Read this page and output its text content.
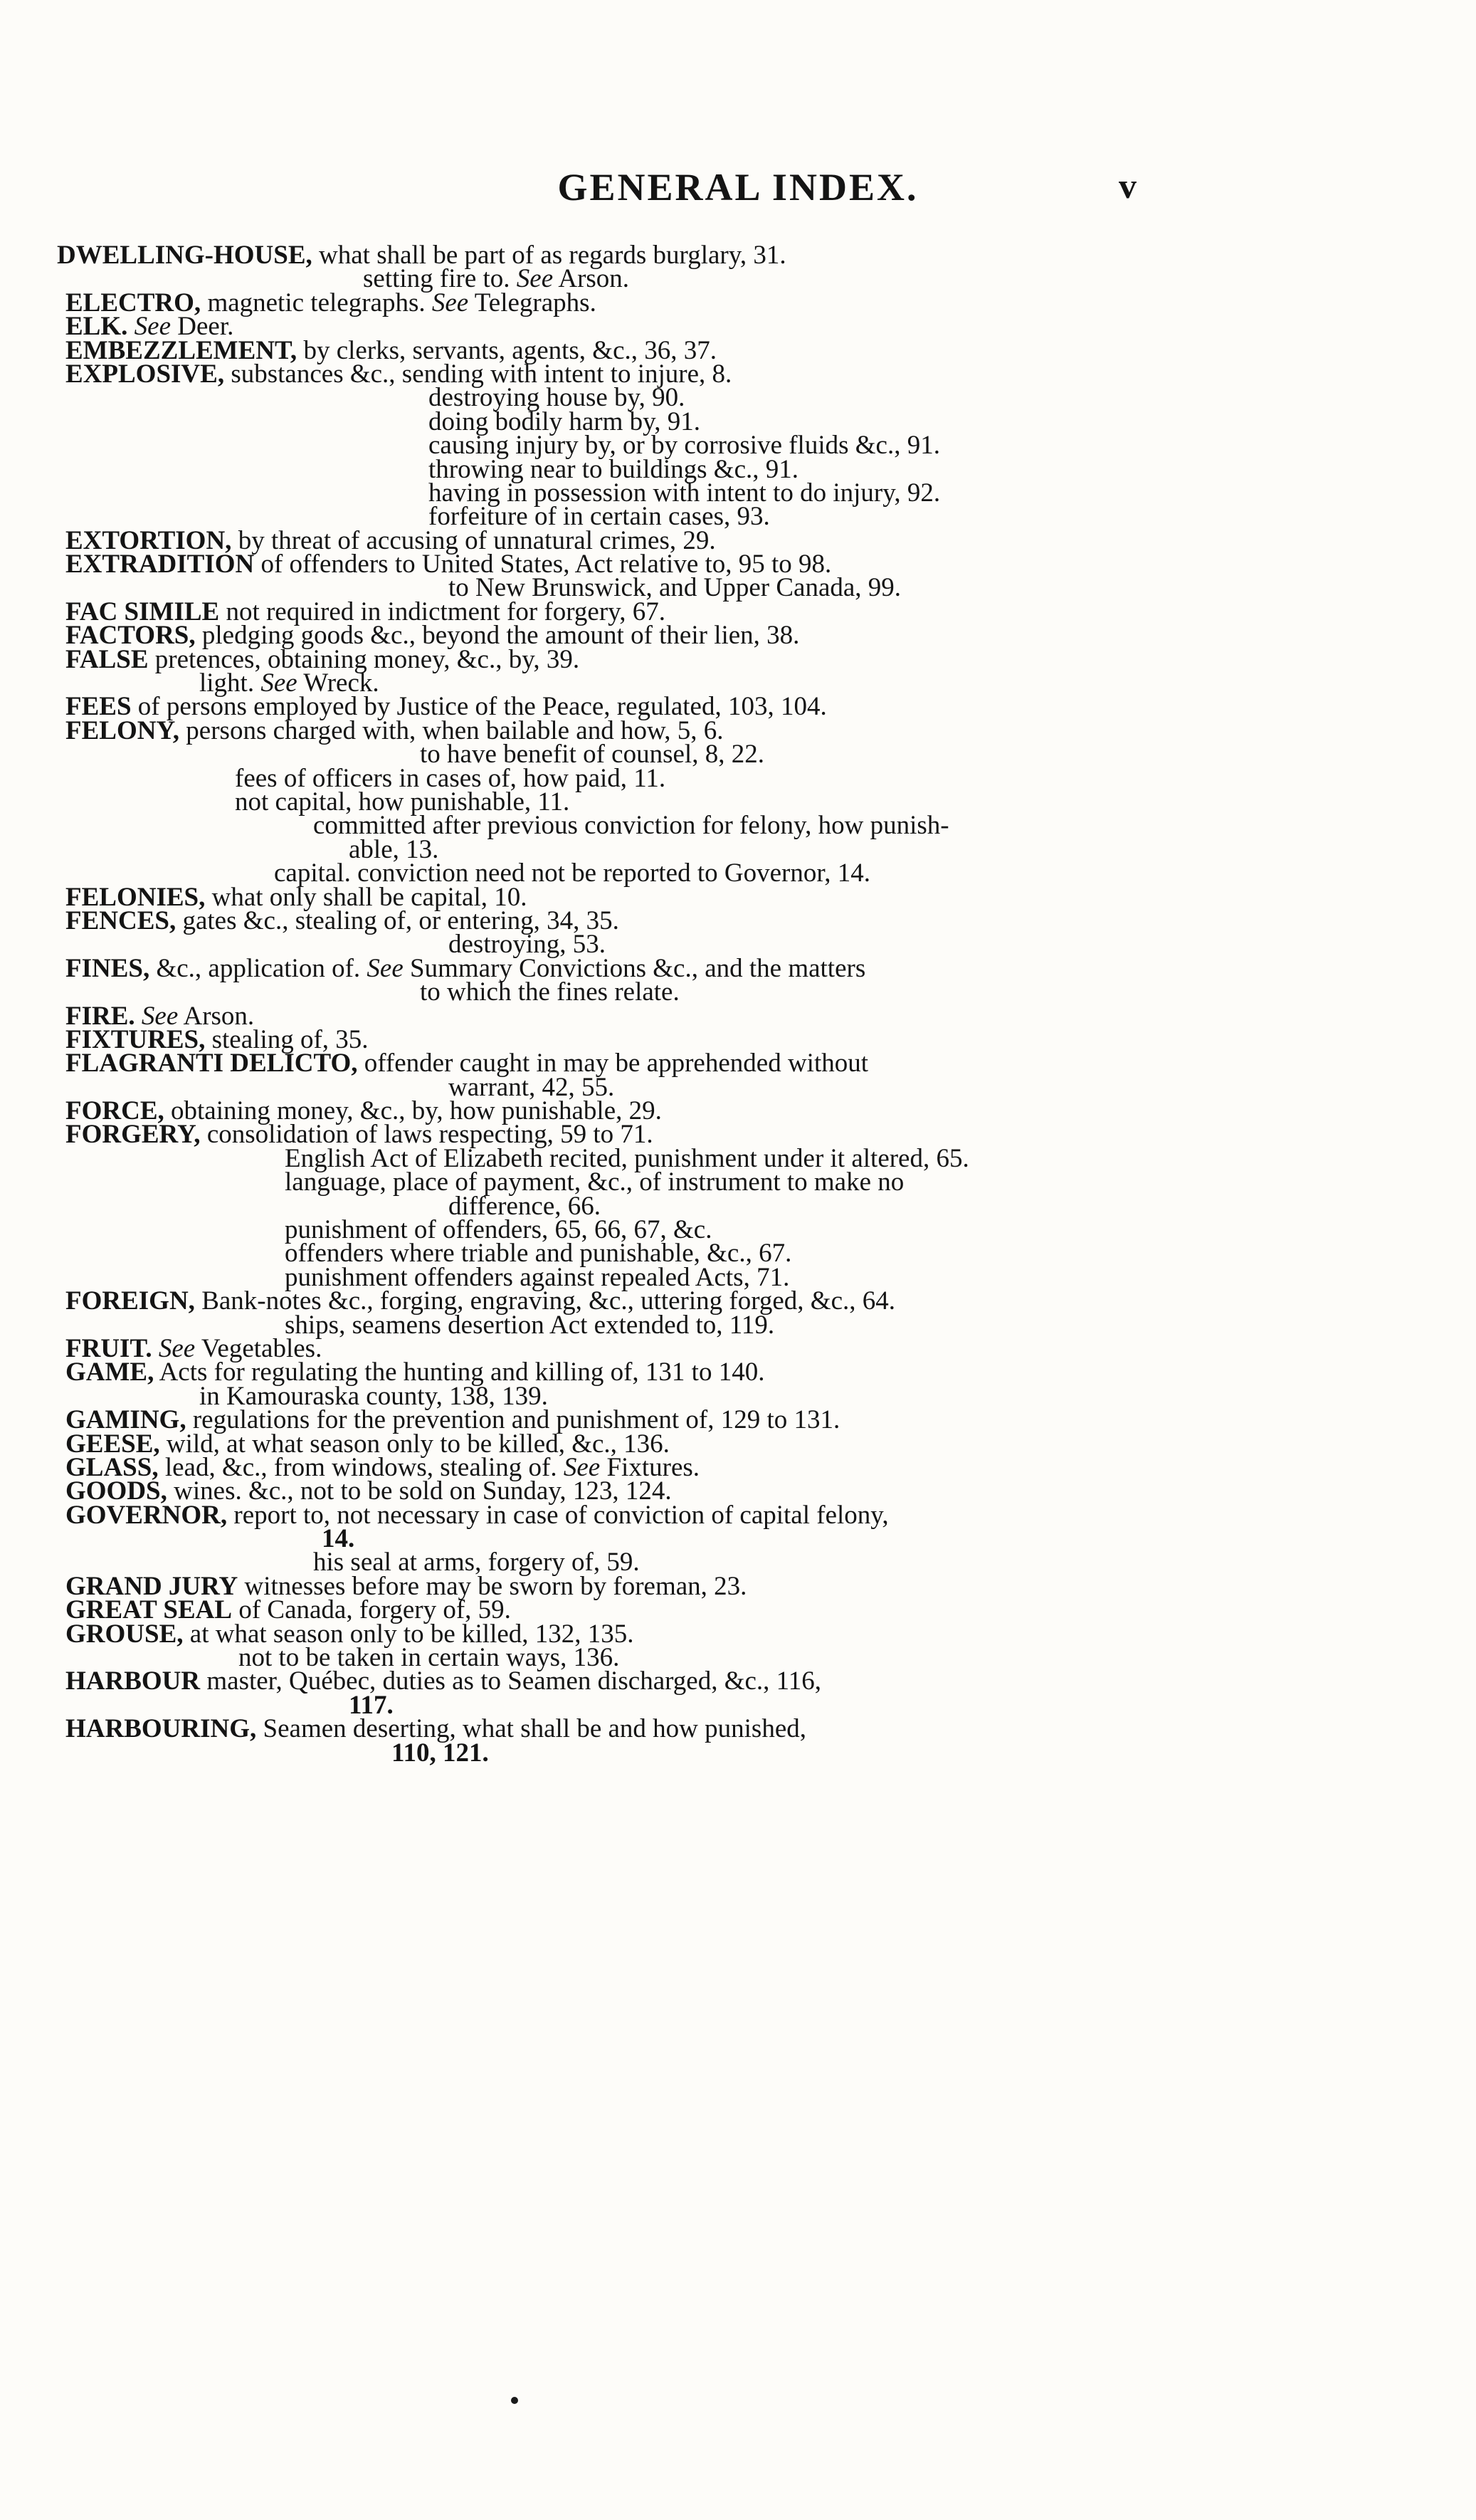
GENERAL INDEX.	v
DWELLING-HOUSE, what shall be part of as regards burglary, 31.
setting fire to. See Arson.
ELECTRO, magnetic telegraphs. See Telegraphs.
ELK. See Deer.
EMBEZZLEMENT, by clerks, servants, agents, &c., 36, 37.
EXPLOSIVE, substances &c., sending with intent to injure, 8.
destroying house by, 90.
doing bodily harm by, 91.
causing injury by, or by corrosive fluids &c., 91.
throwing near to buildings &c., 91.
having in possession with intent to do injury, 92.
forfeiture of in certain cases, 93.
EXTORTION, by threat of accusing of unnatural crimes, 29.
EXTRADITION of offenders to United States, Act relative to, 95 to 98.
to New Brunswick, and Upper Canada, 99.
FAC SIMILE not required in indictment for forgery, 67.
FACTORS, pledging goods &c., beyond the amount of their lien, 38.
FALSE pretences, obtaining money, &c., by, 39.
light. See Wreck.
FEES of persons employed by Justice of the Peace, regulated, 103, 104.
FELONY, persons charged with, when bailable and how, 5, 6.
to have benefit of counsel, 8, 22.
fees of officers in cases of, how paid, 11.
not capital, how punishable, 11.
committed after previous conviction for felony, how punish-
able, 13.
capital. conviction need not be reported to Governor, 14.
FELONIES, what only shall be capital, 10.
FENCES, gates &c., stealing of, or entering, 34, 35.
destroying, 53.
FINES, &c., application of. See Summary Convictions &c., and the matters
to which the fines relate.
FIRE. See Arson.
FIXTURES, stealing of, 35.
FLAGRANTI DELICTO, offender caught in may be apprehended without
warrant, 42, 55.
FORCE, obtaining money, &c., by, how punishable, 29.
FORGERY, consolidation of laws respecting, 59 to 71.
English Act of Elizabeth recited, punishment under it altered, 65.
language, place of payment, &c., of instrument to make no
difference, 66.
punishment of offenders, 65, 66, 67, &c.
offenders where triable and punishable, &c., 67.
punishment offenders against repealed Acts, 71.
FOREIGN, Bank-notes &c., forging, engraving, &c., uttering forged, &c., 64.
ships, seamens desertion Act extended to, 119.
FRUIT. See Vegetables.
GAME, Acts for regulating the hunting and killing of, 131 to 140.
in Kamouraska county, 138, 139.
GAMING, regulations for the prevention and punishment of, 129 to 131.
GEESE, wild, at what season only to be killed, &c., 136.
GLASS, lead, &c., from windows, stealing of. See Fixtures.
GOODS, wines. &c., not to be sold on Sunday, 123, 124.
GOVERNOR, report to, not necessary in case of conviction of capital felony,
14.
his seal at arms, forgery of, 59.
GRAND JURY witnesses before may be sworn by foreman, 23.
GREAT SEAL of Canada, forgery of, 59.
GROUSE, at what season only to be killed, 132, 135.
not to be taken in certain ways, 136.
HARBOUR master, Québec, duties as to Seamen discharged, &c., 116,
117.
HARBOURING, Seamen deserting, what shall be and how punished,
110, 121.
